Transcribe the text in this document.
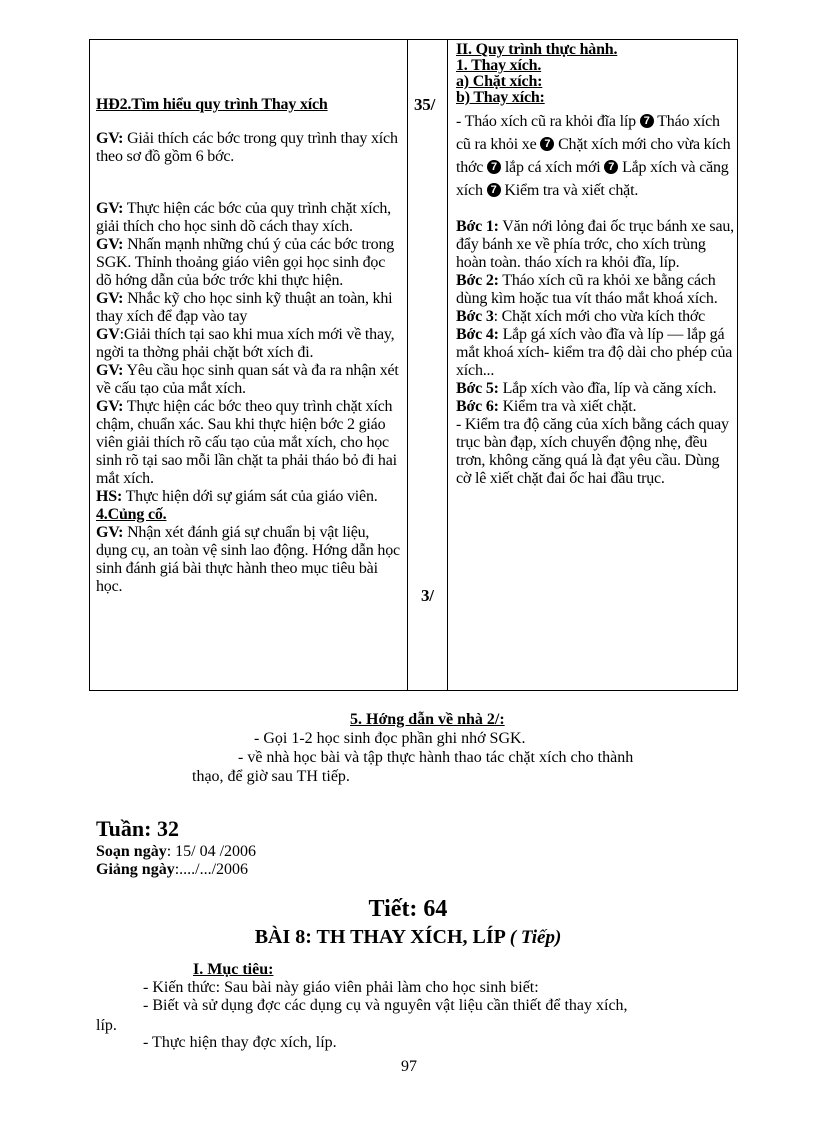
HĐ2.Tìm hiểu quy trình Thay xích

GV: Giải thích các bớc trong quy trình thay xích theo sơ đồ gồm 6 bớc.

GV: Thực hiện các bớc của quy trình chặt xích, giải thích cho học sinh dõ cách thay xích.

GV: Nhấn mạnh những chú ý của các bớc trong SGK. Thỉnh thoảng giáo viên gọi học sinh đọc dõ hớng dẫn của bớc trớc khi thực hiện.

GV: Nhắc kỹ cho học sinh kỹ thuật an toàn, khi thay xích để đạp vào tay

GV:Giải thích tại sao khi mua xích mới về thay, ngời ta thờng phải chặt bớt xích đi.

GV: Yêu cầu học sinh quan sát và đa ra nhận xét về cấu tạo của mắt xích.

GV: Thực hiện các bớc theo quy trình chặt xích chậm, chuẩn xác. Sau khi thực hiện bớc 2 giáo viên giải thích rõ cấu tạo của mắt xích, cho học sinh rõ tại sao mỗi lần chặt ta phải tháo bỏ đi hai mắt xích.

HS: Thực hiện dới sự giám sát của giáo viên.

4.Củng cố.

GV: Nhận xét đánh giá sự chuẩn bị vật liệu, dụng cụ, an toàn vệ sinh lao động. Hớng dẫn học sinh đánh giá bài thực hành theo mục tiêu bài học.

35/
3/

II. Quy trình thực hành.

1. Thay xích.

a) Chặt xích:

b) Thay xích:

- Tháo xích cũ ra khỏi đĩa líp 7 Tháo xích cũ ra khỏi xe 7 Chặt xích mới cho vừa kích thớc 7 lắp cá xích mới 7 Lắp xích và căng xích 7 Kiểm tra và xiết chặt.

Bớc 1: Văn nới lỏng đai ốc trục bánh xe sau, đẩy bánh xe về phía trớc, cho xích trùng hoàn toàn. tháo xích ra khỏi đĩa, líp.

Bớc 2: Tháo xích cũ ra khỏi xe bằng cách dùng kìm hoặc tua vít tháo mắt khoá xích.

Bớc 3: Chặt xích mới cho vừa kích thớc

Bớc 4: Lắp gá xích vào đĩa và líp — lắp gá mắt khoá xích- kiểm tra độ dài cho phép của xích...

Bớc 5: Lắp xích vào đĩa, líp và căng xích.

Bớc 6: Kiểm tra và xiết chặt.

- Kiểm tra độ căng của xích bằng cách quay trục bàn đạp, xích chuyển động nhẹ, đều trơn, không căng quá là đạt yêu cầu. Dùng cờ lê xiết chặt đai ốc hai đầu trục.

5. Hớng dẫn về nhà 2/:
- Gọi 1-2 học sinh đọc phần ghi nhớ SGK.
- về nhà học bài và tập thực hành thao tác chặt xích cho thành
thạo, để giờ sau TH tiếp.
Tuần: 32
Soạn ngày: 15/ 04 /2006
Giảng ngày:..../.../2006
Tiết: 64
BÀI 8: TH THAY XÍCH, LÍP ( Tiếp)
I. Mục tiêu:
- Kiến thức: Sau bài này giáo viên phải làm cho học sinh biết:
- Biết và sử dụng đợc các dụng cụ và nguyên vật liệu cần thiết để thay xích,
líp.
- Thực hiện thay đợc xích, líp.
97
